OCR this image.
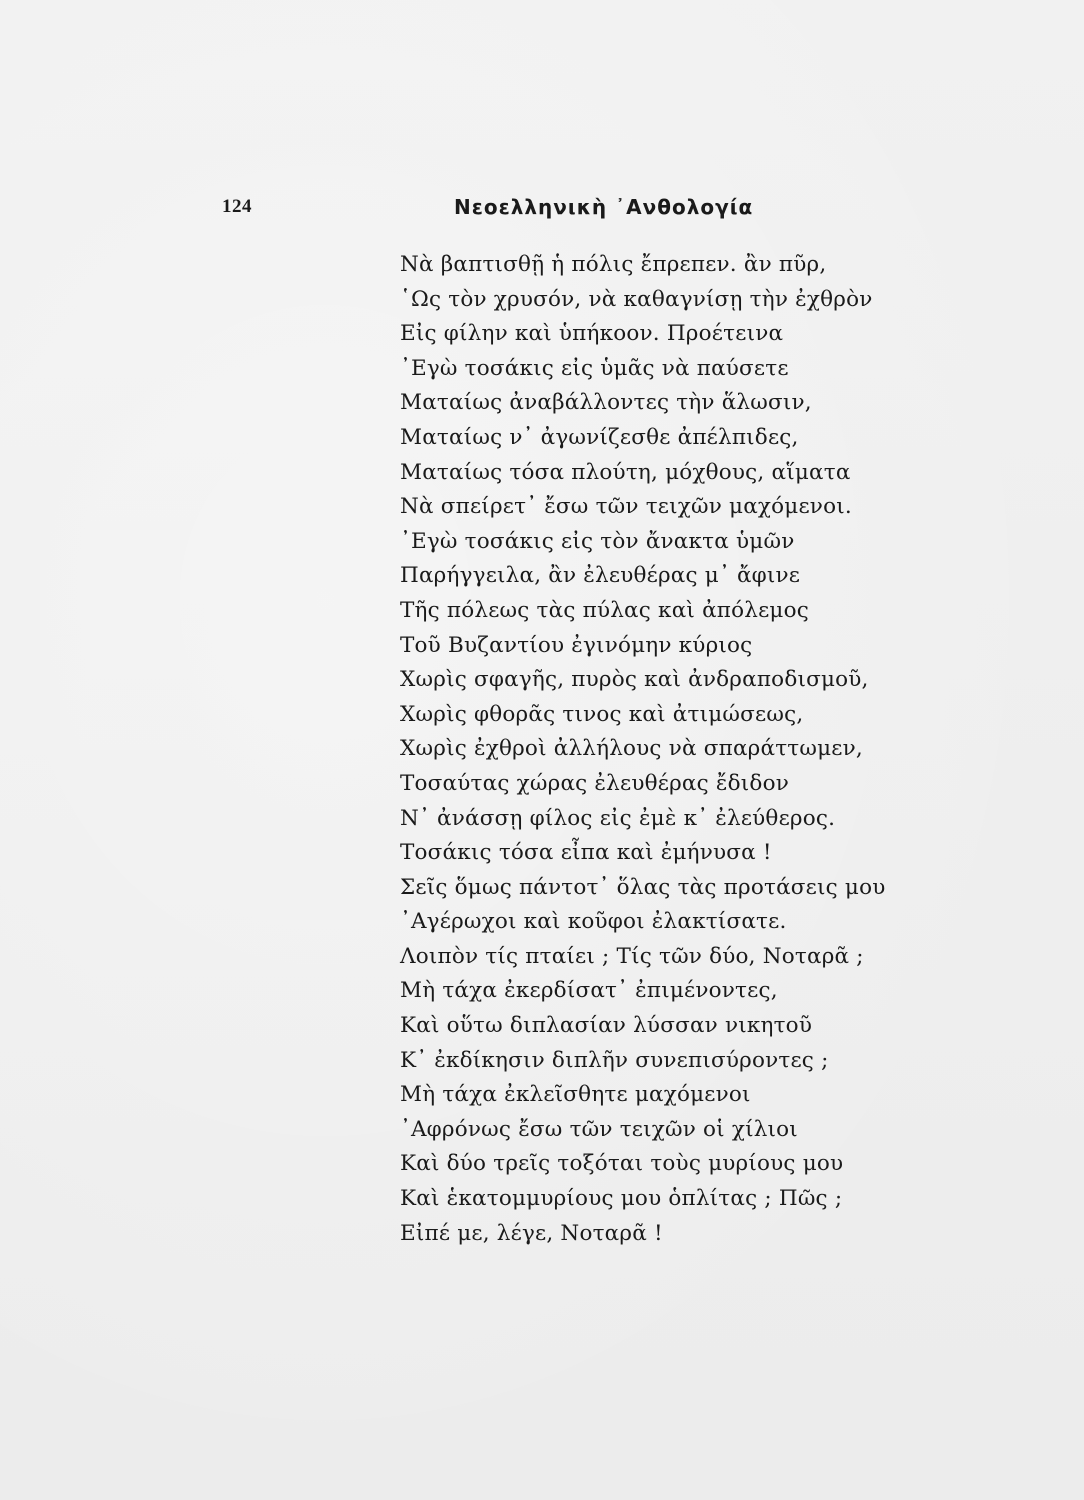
124	Νεοελληνικὴ ᾿Ανθολογία
Νὰ βαπτισθῇ ἡ πόλις ἔπρεπεν. ἂν πῦρ,
῾Ως τὸν χρυσόν, νὰ καθαγνίσῃ τὴν ἐχθρὸν
Εἰς φίλην καὶ ὑπήκοον. Προέτεινα
᾿Εγὼ τοσάκις εἰς ὑμᾶς νὰ παύσετε
Ματαίως ἀναβάλλοντες τὴν ἅλωσιν,
Ματαίως ν᾿ ἀγωνίζεσθε ἀπέλπιδες,
Ματαίως τόσα πλούτη, μόχθους, αἵματα
Νὰ σπείρετ᾿ ἔσω τῶν τειχῶν μαχόμενοι.
᾿Εγὼ τοσάκις εἰς τὸν ἄνακτα ὑμῶν
Παρήγγειλα, ἂν ἐλευθέρας μ᾿ ἄφινε
Τῆς πόλεως τὰς πύλας καὶ ἀπόλεμος
Τοῦ Βυζαντίου ἐγινόμην κύριος
Χωρὶς σφαγῆς, πυρὸς καὶ ἀνδραποδισμοῦ,
Χωρὶς φθορᾶς τινος καὶ ἀτιμώσεως,
Χωρὶς ἐχθροὶ ἀλλήλους νὰ σπαράττωμεν,
Τοσαύτας χώρας ἐλευθέρας ἔδιδον
Ν᾿ ἀνάσσῃ φίλος εἰς ἐμὲ κ᾿ ἐλεύθερος.
Τοσάκις τόσα εἶπα καὶ ἐμήνυσα !
Σεῖς ὅμως πάντοτ᾿ ὅλας τὰς προτάσεις μου
᾿Αγέρωχοι καὶ κοῦφοι ἐλακτίσατε.
Λοιπὸν τίς πταίει ; Τίς τῶν δύο, Νοταρᾶ ;
Μὴ τάχα ἐκερδίσατ᾿ ἐπιμένοντες,
Καὶ οὕτω διπλασίαν λύσσαν νικητοῦ
Κ᾿ ἐκδίκησιν διπλῆν συνεπισύροντες ;
Μὴ τάχα ἐκλεῖσθητε μαχόμενοι
᾿Αφρόνως ἔσω τῶν τειχῶν οἱ χίλιοι
Καὶ δύο τρεῖς τοξόται τοὺς μυρίους μου
Καὶ ἑκατομμυρίους μου ὁπλίτας ; Πῶς ;
Εἰπέ με, λέγε, Νοταρᾶ !
